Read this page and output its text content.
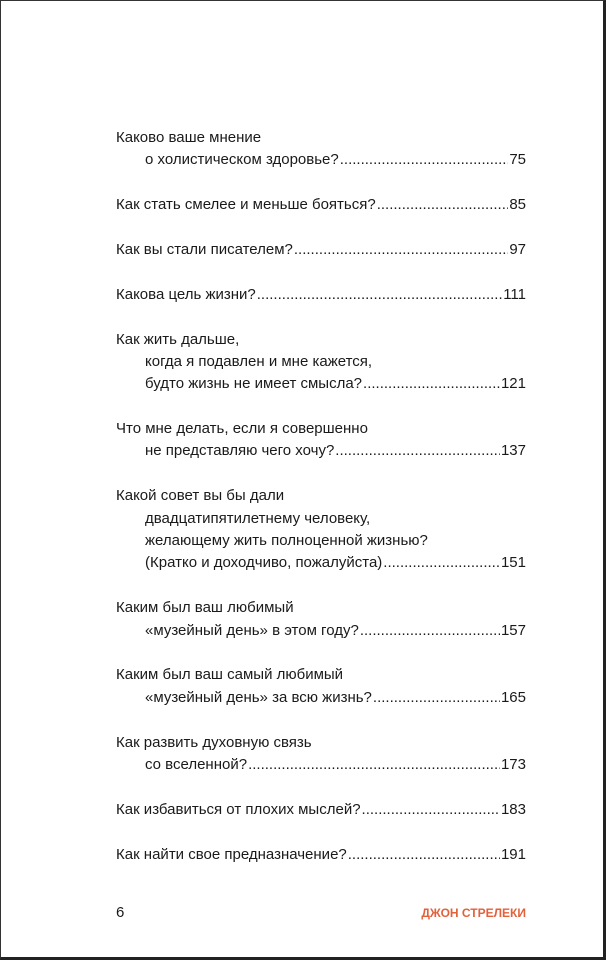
Каково ваше мнение
о холистическом здоровье? .....	75
Как стать смелее и меньше бояться? .....	85
Как вы стали писателем? .....	97
Какова цель жизни? .....	111
Как жить дальше,
когда я подавлен и мне кажется,
будто жизнь не имеет смысла? .....	121
Что мне делать, если я совершенно
не представляю чего хочу? .....	137
Какой совет вы бы дали
двадцатипятилетнему человеку,
желающему жить полноценной жизнью?
(Кратко и доходчиво, пожалуйста) .....	151
Каким был ваш любимый
«музейный день» в этом году? .....	157
Каким был ваш самый любимый
«музейный день» за всю жизнь? .....	165
Как развить духовную связь
со вселенной? .....	173
Как избавиться от плохих мыслей? .....	183
Как найти свое предназначение? .....	191
6	ДЖОН СТРЕЛЕКИ
